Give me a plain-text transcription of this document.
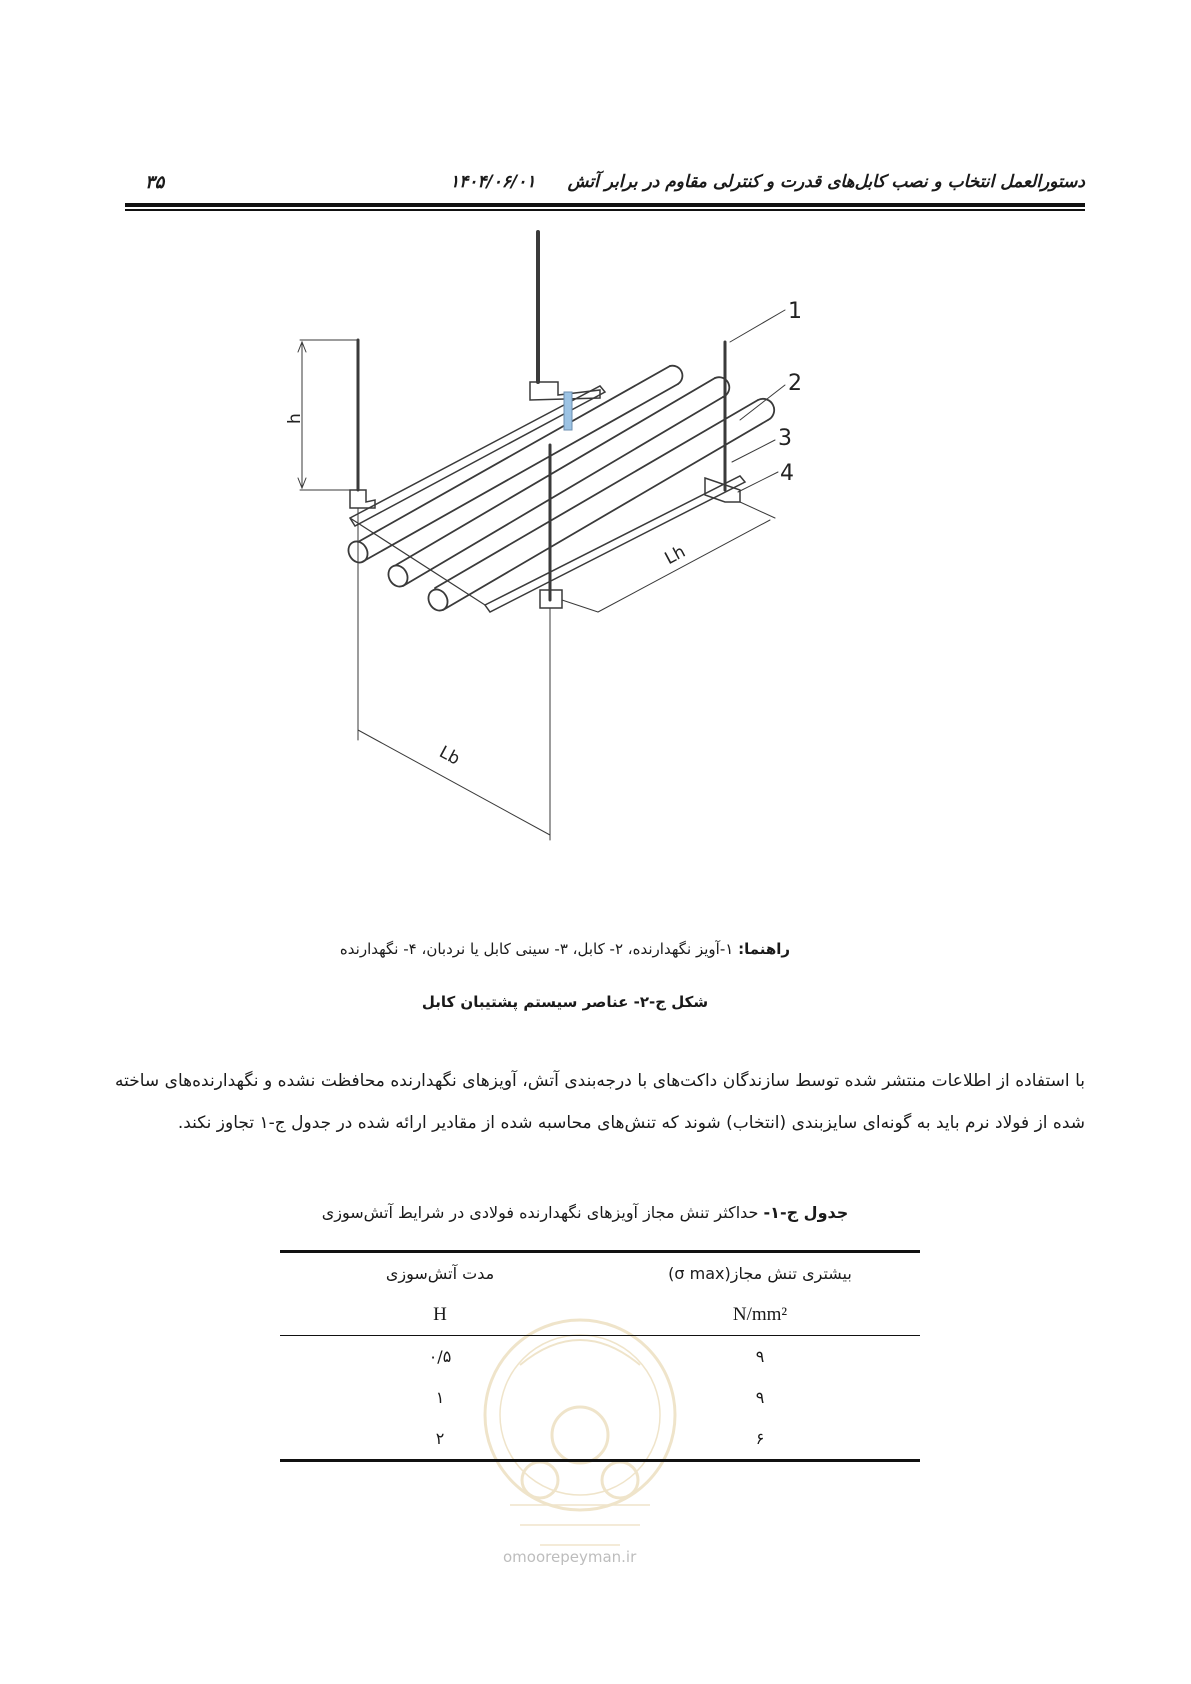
دستورالعمل انتخاب و نصب کابل‌های قدرت و کنترلی مقاوم در برابر آتش
۱۴۰۴/۰۶/۰۱
۳۵
1
2
3
4
h
Lh
Lb
راهنما: ۱-آویز نگهدارنده، ۲- کابل، ۳- سینی کابل یا نردبان، ۴- نگهدارنده
شکل ج-۲- عناصر سیستم پشتیبان کابل
با استفاده از اطلاعات منتشر شده توسط سازندگان داکت‌های با درجه‌بندی آتش، آویزهای نگهدارنده محافظت نشده و نگهدارنده‌های ساخته شده از فولاد نرم باید به گونه‌ای سایزبندی (انتخاب) شوند که تنش‌های محاسبه شده از مقادیر ارائه شده در جدول ج-۱ تجاوز نکند.
جدول ج-۱- حداکثر تنش مجاز آویزهای نگهدارنده فولادی در شرایط آتش‌سوزی
omoorepeyman.ir
بیشتری تنش مجاز(σ max)	مدت آتش‌سوزی
N/mm²	H
۹	۰/۵
۹	۱
۶	۲
